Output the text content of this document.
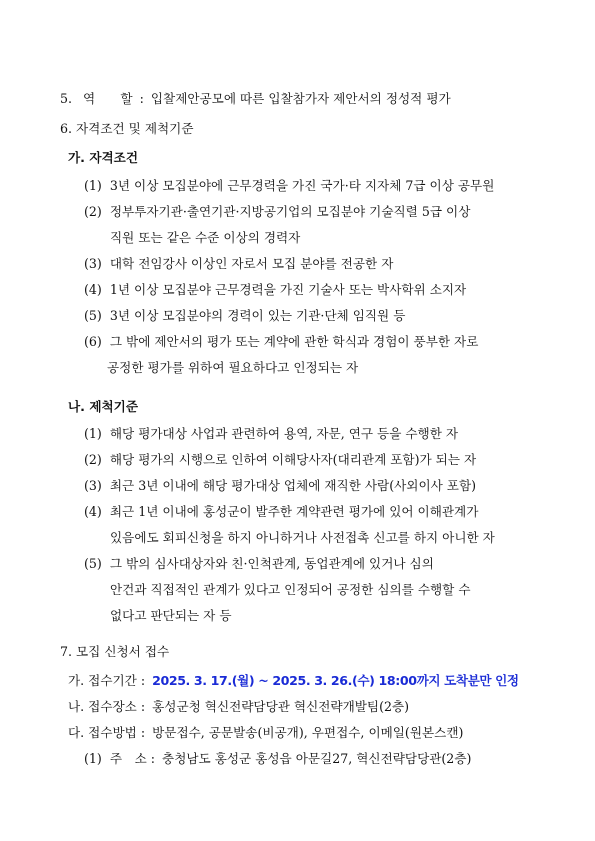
5. 역　　할 : 입찰제안공모에 따른 입찰참가자 제안서의 정성적 평가
6. 자격조건 및 제척기준
가. 자격조건
(1) 3년 이상 모집분야에 근무경력을 가진 국가·타 지자체 7급 이상 공무원
(2) 정부투자기관·출연기관·지방공기업의 모집분야 기술직렬 5급 이상
직원 또는 같은 수준 이상의 경력자
(3) 대학 전임강사 이상인 자로서 모집 분야를 전공한 자
(4) 1년 이상 모집분야 근무경력을 가진 기술사 또는 박사학위 소지자
(5) 3년 이상 모집분야의 경력이 있는 기관·단체 임직원 등
(6) 그 밖에 제안서의 평가 또는 계약에 관한 학식과 경험이 풍부한 자로
공정한 평가를 위하여 필요하다고 인정되는 자
나. 제척기준
(1) 해당 평가대상 사업과 관련하여 용역, 자문, 연구 등을 수행한 자
(2) 해당 평가의 시행으로 인하여 이해당사자(대리관계 포함)가 되는 자
(3) 최근 3년 이내에 해당 평가대상 업체에 재직한 사람(사외이사 포함)
(4) 최근 1년 이내에 홍성군이 발주한 계약관련 평가에 있어 이해관계가
있음에도 회피신청을 하지 아니하거나 사전접촉 신고를 하지 아니한 자
(5) 그 밖의 심사대상자와 친·인척관계, 동업관계에 있거나 심의
안건과 직접적인 관계가 있다고 인정되어 공정한 심의를 수행할 수
없다고 판단되는 자 등
7. 모집 신청서 접수
가. 접수기간 : 2025. 3. 17.(월) ~ 2025. 3. 26.(수) 18:00까지 도착분만 인정
나. 접수장소 : 홍성군청 혁신전략담당관 혁신전략개발팀(2층)
다. 접수방법 : 방문접수, 공문발송(비공개), 우편접수, 이메일(원본스캔)
(1) 주　소 : 충청남도 홍성군 홍성읍 아문길27, 혁신전략담당관(2층)
